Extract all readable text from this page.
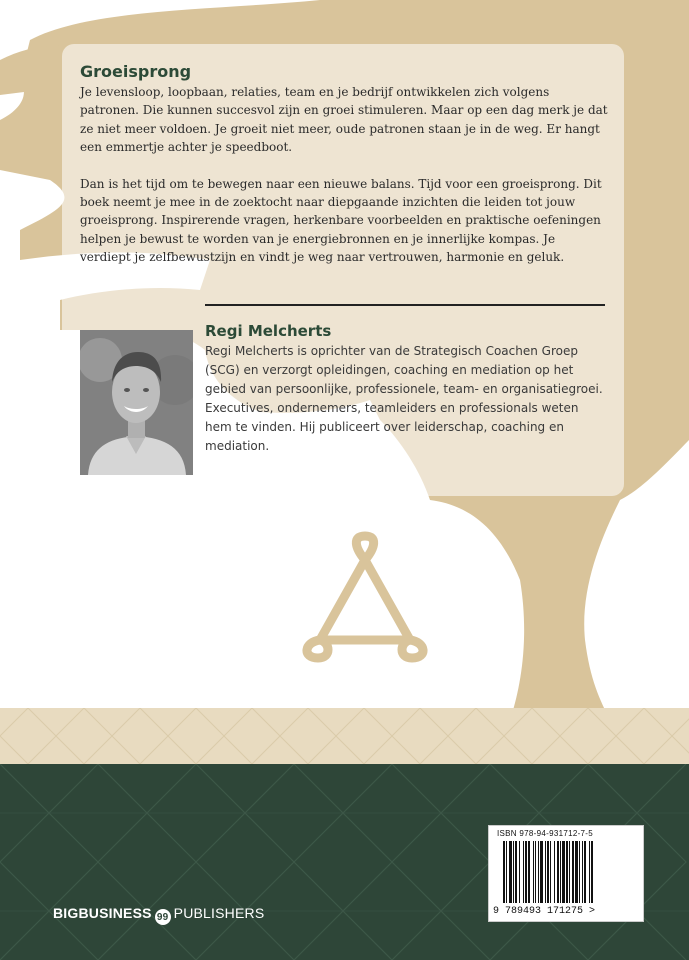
Groeisprong

Je levensloop, loopbaan, relaties, team en je bedrijf ontwikkelen zich volgens patronen. Die kunnen succesvol zijn en groei stimuleren. Maar op een dag merk je dat ze niet meer voldoen. Je groeit niet meer, oude patronen staan je in de weg. Er hangt een emmertje achter je speedboot.

Dan is het tijd om te bewegen naar een nieuwe balans. Tijd voor een groeisprong. Dit boek neemt je mee in de zoektocht naar diepgaande inzichten die leiden tot jouw groeisprong. Inspirerende vragen, herkenbare voorbeelden en praktische oefeningen helpen je bewust te worden van je energiebronnen en je innerlijke kompas. Je verdiept je zelfbewustzijn en vindt je weg naar vertrouwen, harmonie en geluk.

Regi Melcherts
Regi Melcherts is oprichter van de Strategisch Coachen Groep (SCG) en verzorgt opleidingen, coaching en mediation op het gebied van persoonlijke, professionele, team- en organisatiegroei. Executives, ondernemers, teamleiders en professionals weten hem te vinden. Hij publiceert over leiderschap, coaching en mediation.
ISBN 978-94-931712-7-5
9 789493 171275 >
BIGBUSINESS 99 PUBLISHERS
